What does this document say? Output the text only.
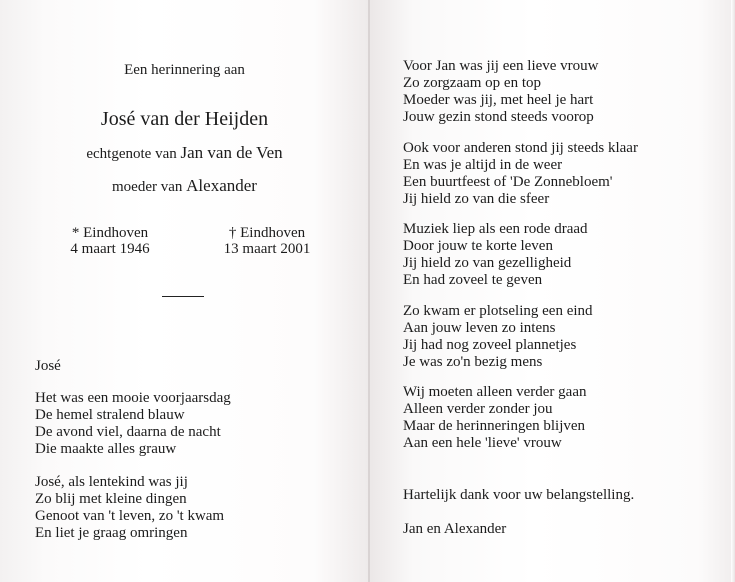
Een herinnering aan
José van der Heijden
echtgenote van Jan van de Ven
moeder van Alexander
* Eindhoven
4 maart 1946
† Eindhoven
13 maart 2001
José
Het was een mooie voorjaarsdag
De hemel stralend blauw
De avond viel, daarna de nacht
Die maakte alles grauw
José, als lentekind was jij
Zo blij met kleine dingen
Genoot van 't leven, zo 't kwam
En liet je graag omringen
Voor Jan was jij een lieve vrouw
Zo zorgzaam op en top
Moeder was jij, met heel je hart
Jouw gezin stond steeds voorop
Ook voor anderen stond jij steeds klaar
En was je altijd in de weer
Een buurtfeest of 'De Zonnebloem'
Jij hield zo van die sfeer
Muziek liep als een rode draad
Door jouw te korte leven
Jij hield zo van gezelligheid
En had zoveel te geven
Zo kwam er plotseling een eind
Aan jouw leven zo intens
Jij had nog zoveel plannetjes
Je was zo'n bezig mens
Wij moeten alleen verder gaan
Alleen verder zonder jou
Maar de herinneringen blijven
Aan een hele 'lieve' vrouw
Hartelijk dank voor uw belangstelling.
Jan en Alexander
